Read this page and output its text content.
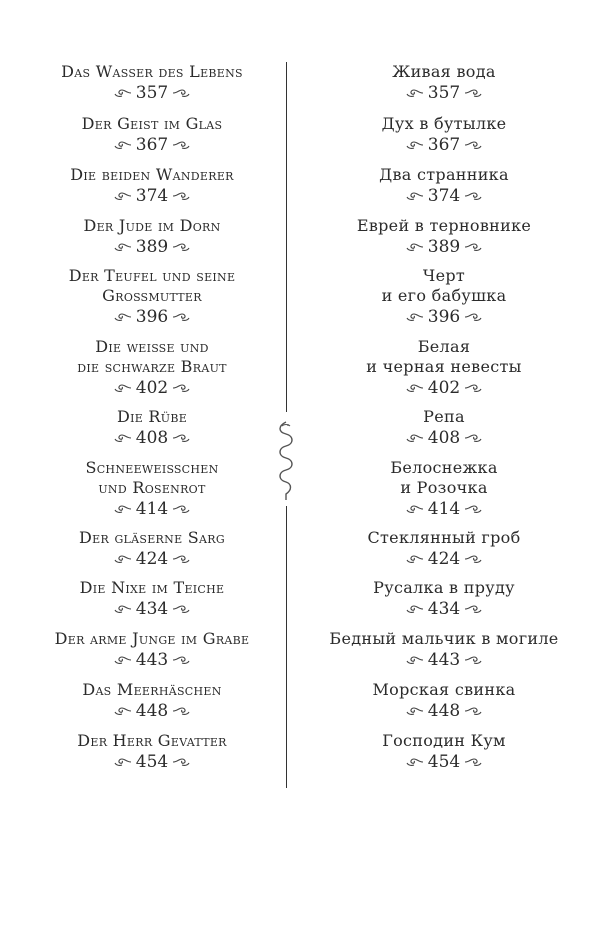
Das Wasser des Lebens
357
Der Geist im Glas
367
Die beiden Wanderer
374
Der Jude im Dorn
389
Der Teufel und seine
Großmutter
396
Die weiße und
die schwarze Braut
402
Die Rübe
408
Schneeweißchen
und Rosenrot
414
Der gläserne Sarg
424
Die Nixe im Teiche
434
Der arme Junge im Grabe
443
Das Meerhäschen
448
Der Herr Gevatter
454
Живая вода
357
Дух в бутылке
367
Два странника
374
Еврей в терновнике
389
Черт
и его бабушка
396
Белая
и черная невесты
402
Репа
408
Белоснежка
и Розочка
414
Стеклянный гроб
424
Русалка в пруду
434
Бедный мальчик в могиле
443
Морская свинка
448
Господин Кум
454
